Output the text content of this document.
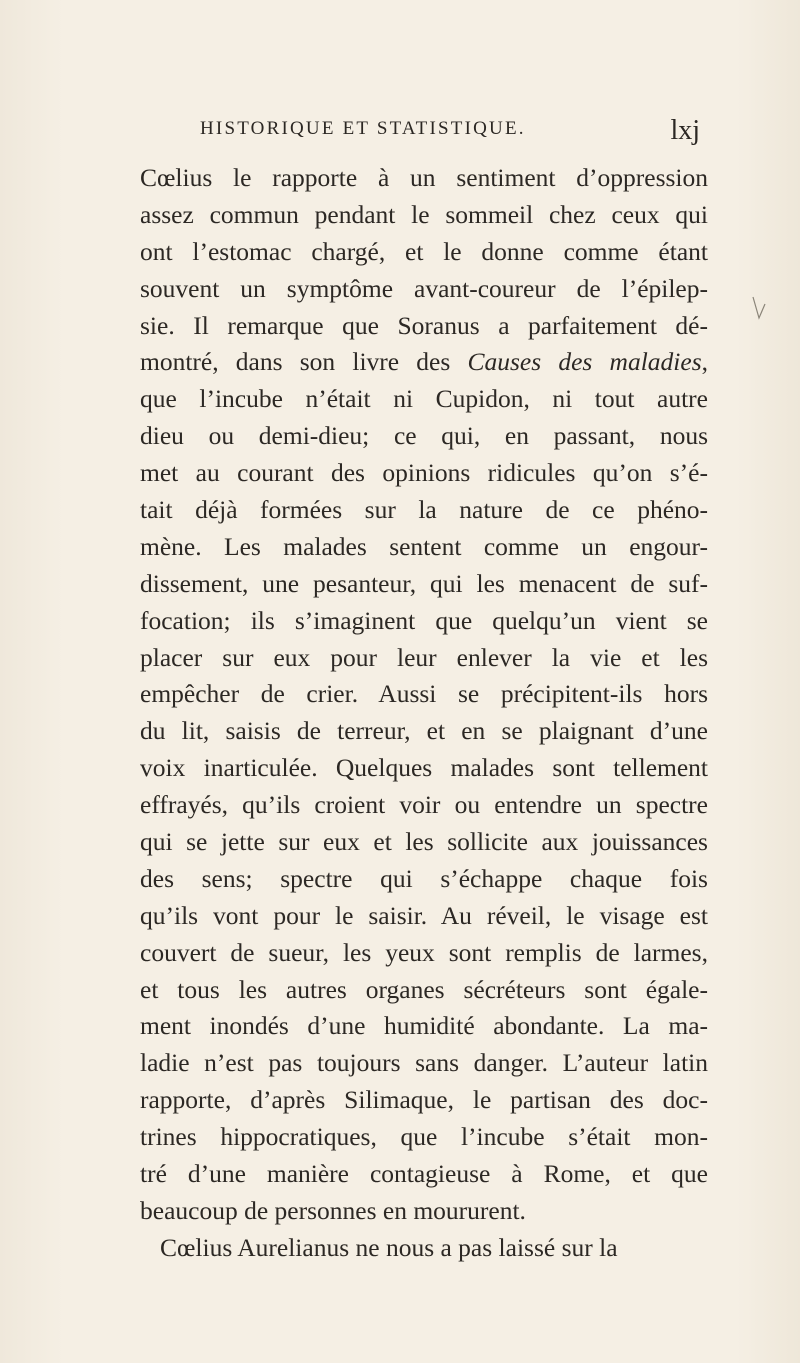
HISTORIQUE ET STATISTIQUE.	lxj
Cœlius le rapporte à un sentiment d’oppression
assez commun pendant le sommeil chez ceux qui
ont l’estomac chargé, et le donne comme étant
souvent un symptôme avant-coureur de l’épilep-
sie. Il remarque que Soranus a parfaitement dé-
montré, dans son livre des Causes des maladies,
que l’incube n’était ni Cupidon, ni tout autre
dieu ou demi-dieu; ce qui, en passant, nous
met au courant des opinions ridicules qu’on s’é-
tait déjà formées sur la nature de ce phéno-
mène. Les malades sentent comme un engour-
dissement, une pesanteur, qui les menacent de suf-
focation; ils s’imaginent que quelqu’un vient se
placer sur eux pour leur enlever la vie et les
empêcher de crier. Aussi se précipitent-ils hors
du lit, saisis de terreur, et en se plaignant d’une
voix inarticulée. Quelques malades sont tellement
effrayés, qu’ils croient voir ou entendre un spectre
qui se jette sur eux et les sollicite aux jouissances
des sens; spectre qui s’échappe chaque fois
qu’ils vont pour le saisir. Au réveil, le visage est
couvert de sueur, les yeux sont remplis de larmes,
et tous les autres organes sécréteurs sont égale-
ment inondés d’une humidité abondante. La ma-
ladie n’est pas toujours sans danger. L’auteur latin
rapporte, d’après Silimaque, le partisan des doc-
trines hippocratiques, que l’incube s’était mon-
tré d’une manière contagieuse à Rome, et que
beaucoup de personnes en moururent.
Cœlius Aurelianus ne nous a pas laissé sur la
